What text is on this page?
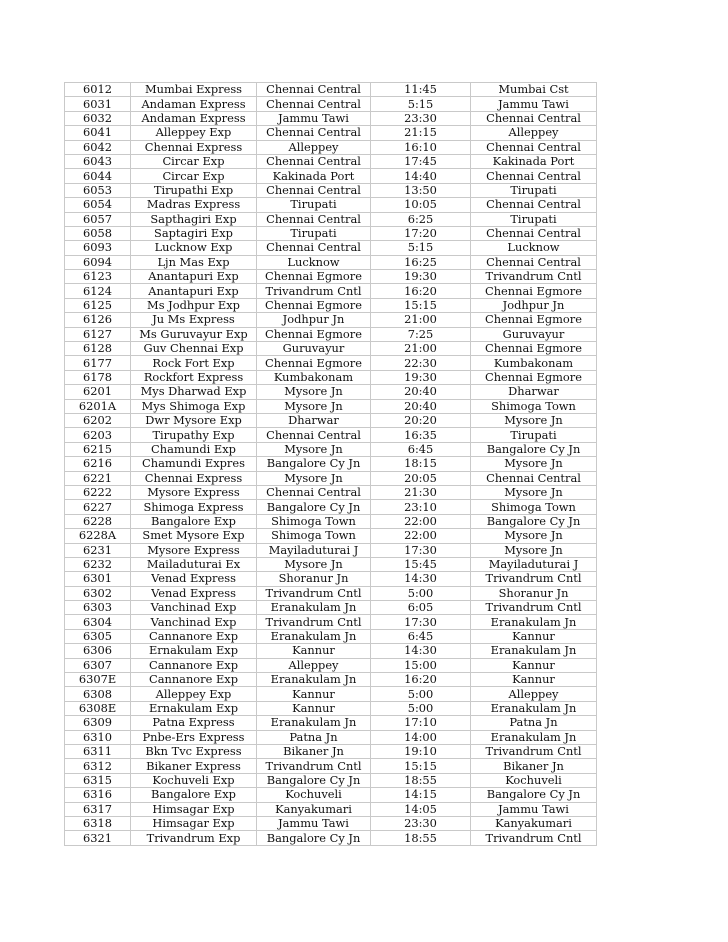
6012	Mumbai Express	Chennai Central	11:45	Mumbai Cst
6031	Andaman Express	Chennai Central	5:15	Jammu Tawi
6032	Andaman Express	Jammu Tawi	23:30	Chennai Central
6041	Alleppey Exp	Chennai Central	21:15	Alleppey
6042	Chennai Express	Alleppey	16:10	Chennai Central
6043	Circar Exp	Chennai Central	17:45	Kakinada Port
6044	Circar Exp	Kakinada Port	14:40	Chennai Central
6053	Tirupathi Exp	Chennai Central	13:50	Tirupati
6054	Madras Express	Tirupati	10:05	Chennai Central
6057	Sapthagiri Exp	Chennai Central	6:25	Tirupati
6058	Saptagiri Exp	Tirupati	17:20	Chennai Central
6093	Lucknow Exp	Chennai Central	5:15	Lucknow
6094	Ljn Mas Exp	Lucknow	16:25	Chennai Central
6123	Anantapuri Exp	Chennai Egmore	19:30	Trivandrum Cntl
6124	Anantapuri Exp	Trivandrum Cntl	16:20	Chennai Egmore
6125	Ms Jodhpur Exp	Chennai Egmore	15:15	Jodhpur Jn
6126	Ju Ms Express	Jodhpur Jn	21:00	Chennai Egmore
6127	Ms Guruvayur Exp	Chennai Egmore	7:25	Guruvayur
6128	Guv Chennai Exp	Guruvayur	21:00	Chennai Egmore
6177	Rock Fort Exp	Chennai Egmore	22:30	Kumbakonam
6178	Rockfort Express	Kumbakonam	19:30	Chennai Egmore
6201	Mys Dharwad Exp	Mysore Jn	20:40	Dharwar
6201A	Mys Shimoga Exp	Mysore Jn	20:40	Shimoga Town
6202	Dwr Mysore Exp	Dharwar	20:20	Mysore Jn
6203	Tirupathy Exp	Chennai Central	16:35	Tirupati
6215	Chamundi Exp	Mysore Jn	6:45	Bangalore Cy Jn
6216	Chamundi Expres	Bangalore Cy Jn	18:15	Mysore Jn
6221	Chennai Express	Mysore Jn	20:05	Chennai Central
6222	Mysore Express	Chennai Central	21:30	Mysore Jn
6227	Shimoga Express	Bangalore Cy Jn	23:10	Shimoga Town
6228	Bangalore Exp	Shimoga Town	22:00	Bangalore Cy Jn
6228A	Smet Mysore Exp	Shimoga Town	22:00	Mysore Jn
6231	Mysore Express	Mayiladuturai J	17:30	Mysore Jn
6232	Mailaduturai Ex	Mysore Jn	15:45	Mayiladuturai J
6301	Venad Express	Shoranur Jn	14:30	Trivandrum Cntl
6302	Venad Express	Trivandrum Cntl	5:00	Shoranur Jn
6303	Vanchinad Exp	Eranakulam Jn	6:05	Trivandrum Cntl
6304	Vanchinad Exp	Trivandrum Cntl	17:30	Eranakulam Jn
6305	Cannanore Exp	Eranakulam Jn	6:45	Kannur
6306	Ernakulam Exp	Kannur	14:30	Eranakulam Jn
6307	Cannanore Exp	Alleppey	15:00	Kannur
6307E	Cannanore Exp	Eranakulam Jn	16:20	Kannur
6308	Alleppey Exp	Kannur	5:00	Alleppey
6308E	Ernakulam Exp	Kannur	5:00	Eranakulam Jn
6309	Patna Express	Eranakulam Jn	17:10	Patna Jn
6310	Pnbe-Ers Express	Patna Jn	14:00	Eranakulam Jn
6311	Bkn Tvc Express	Bikaner Jn	19:10	Trivandrum Cntl
6312	Bikaner Express	Trivandrum Cntl	15:15	Bikaner Jn
6315	Kochuveli Exp	Bangalore Cy Jn	18:55	Kochuveli
6316	Bangalore Exp	Kochuveli	14:15	Bangalore Cy Jn
6317	Himsagar Exp	Kanyakumari	14:05	Jammu Tawi
6318	Himsagar Exp	Jammu Tawi	23:30	Kanyakumari
6321	Trivandrum Exp	Bangalore Cy Jn	18:55	Trivandrum Cntl
